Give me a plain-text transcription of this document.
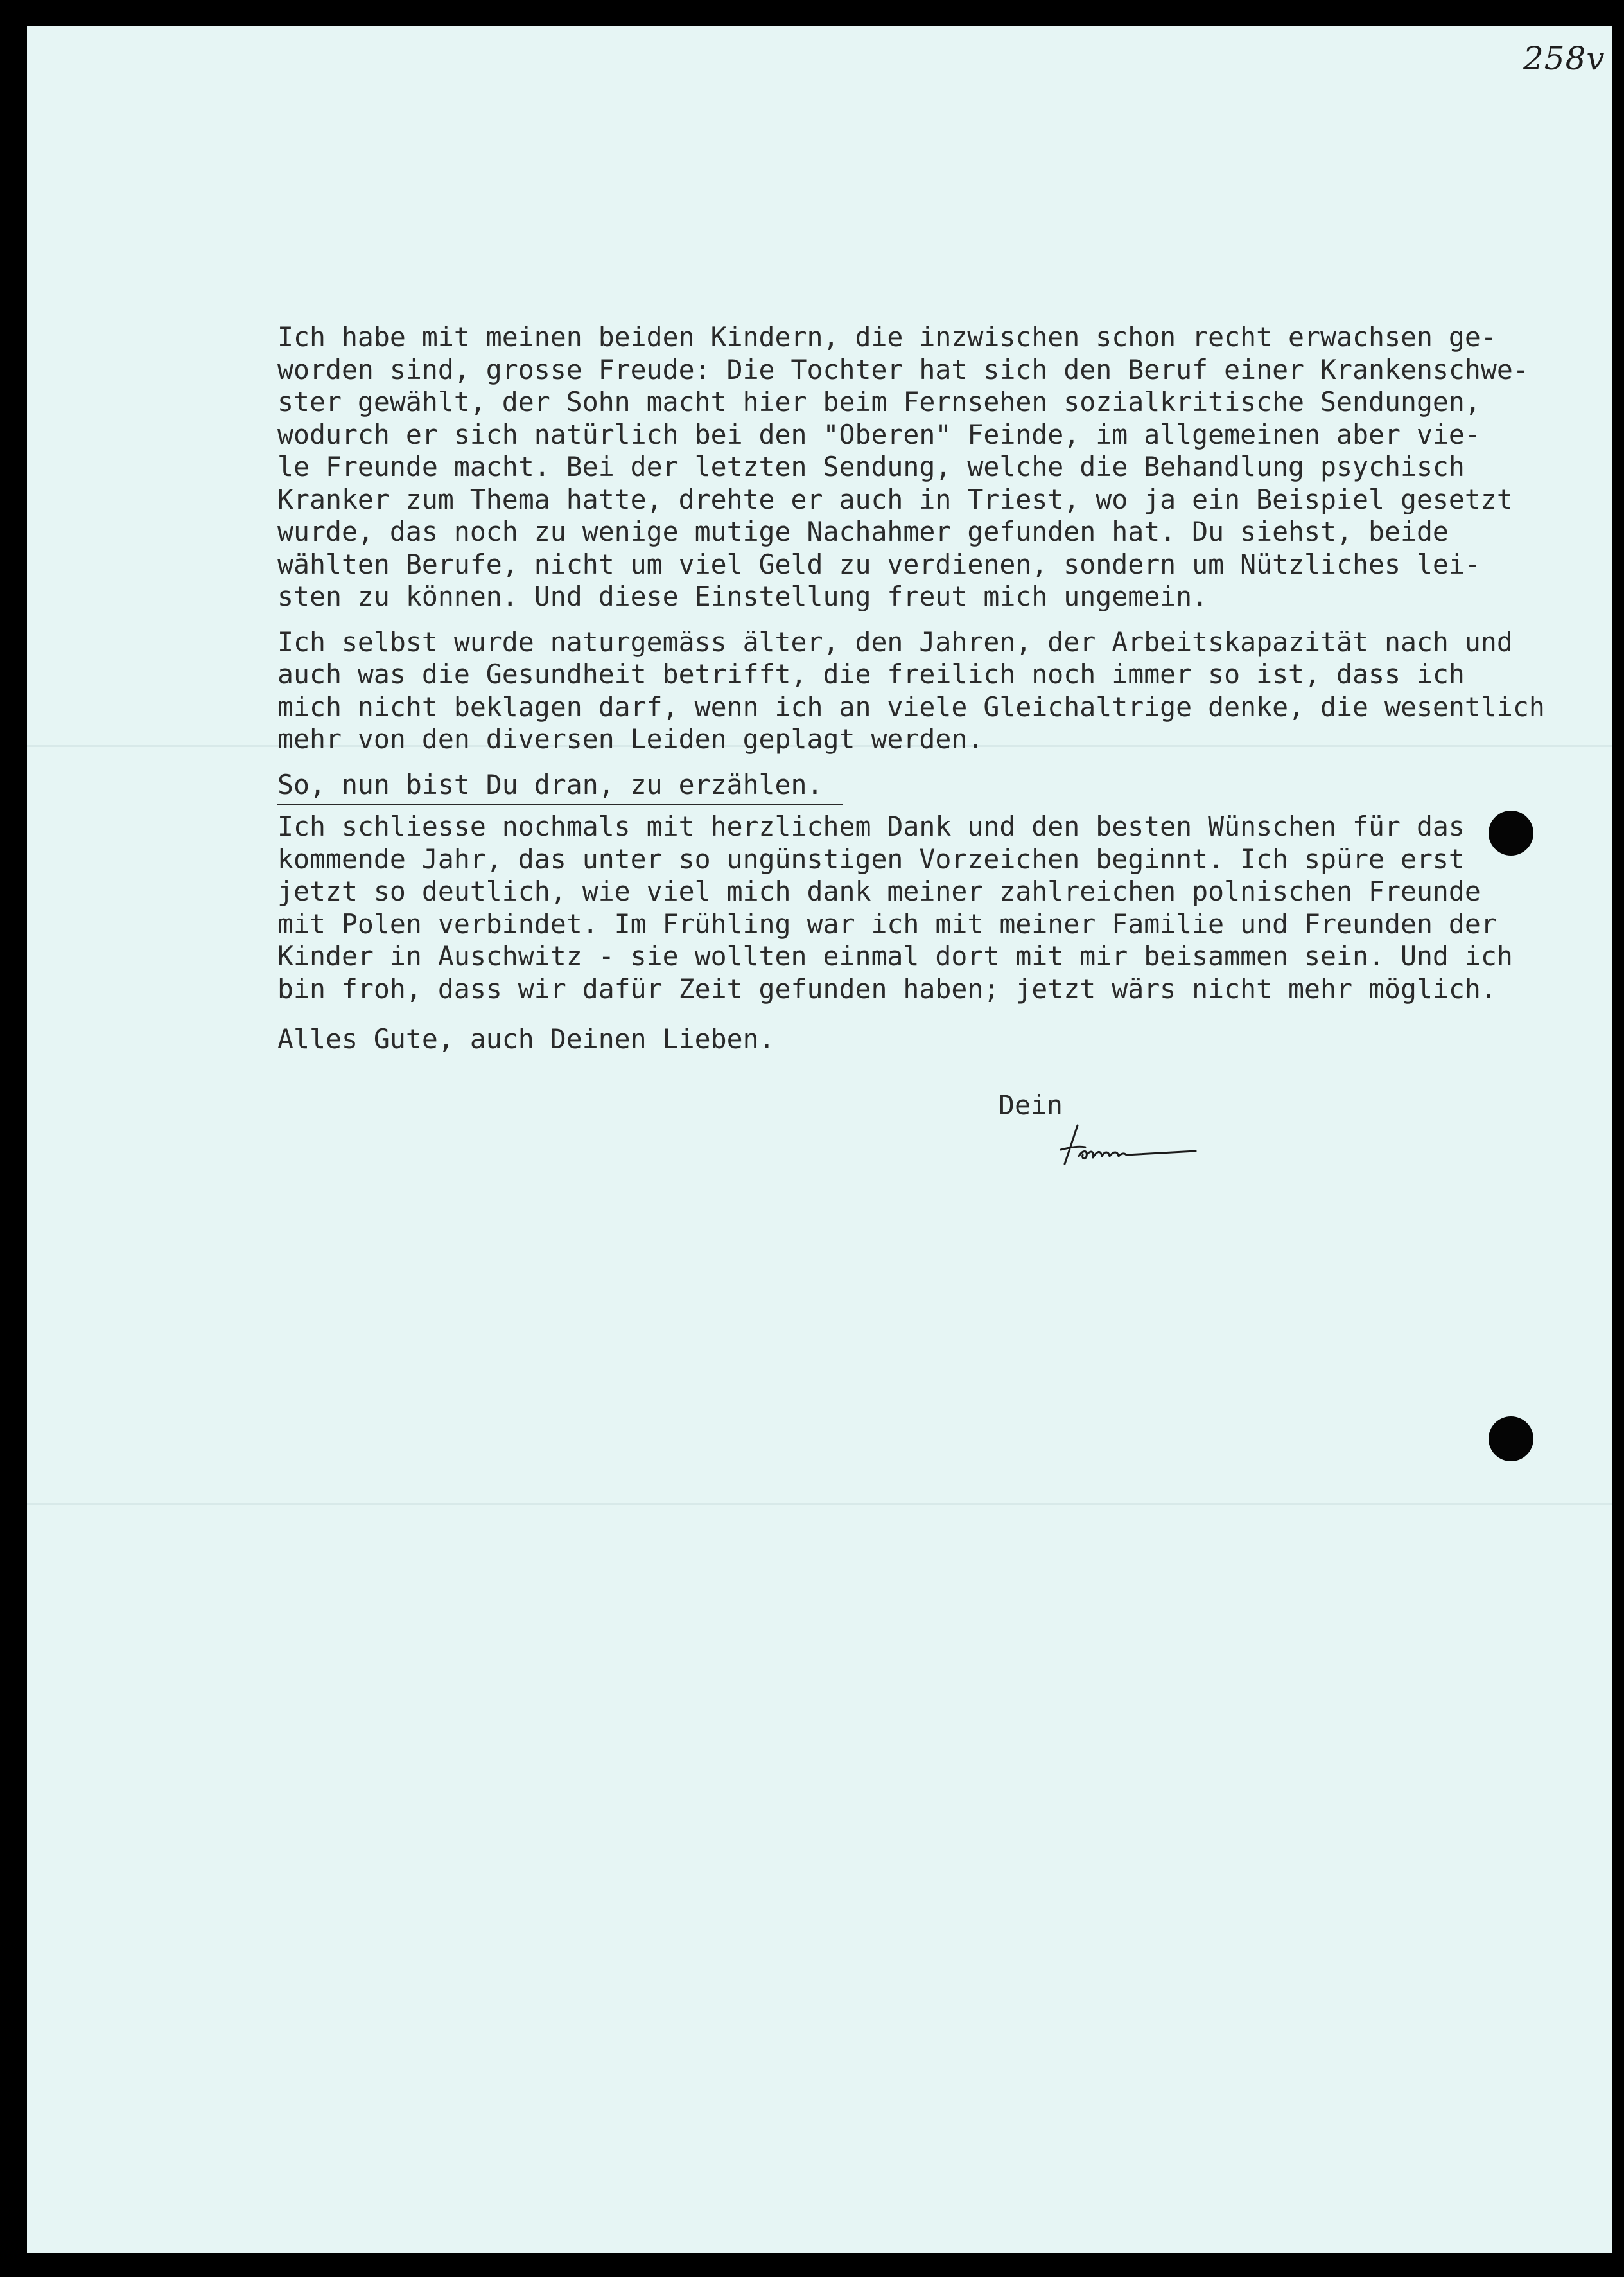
258v

Ich habe mit meinen beiden Kindern, die inzwischen schon recht erwachsen ge-
worden sind, grosse Freude: Die Tochter hat sich den Beruf einer Krankenschwe-
ster gewählt, der Sohn macht hier beim Fernsehen sozialkritische Sendungen,
wodurch er sich natürlich bei den "Oberen" Feinde, im allgemeinen aber vie-
le Freunde macht. Bei der letzten Sendung, welche die Behandlung psychisch
Kranker zum Thema hatte, drehte er auch in Triest, wo ja ein Beispiel gesetzt
wurde, das noch zu wenige mutige Nachahmer gefunden hat. Du siehst, beide
wählten Berufe, nicht um viel Geld zu verdienen, sondern um Nützliches lei-
sten zu können. Und diese Einstellung freut mich ungemein.

Ich selbst wurde naturgemäss älter, den Jahren, der Arbeitskapazität nach und
auch was die Gesundheit betrifft, die freilich noch immer so ist, dass ich
mich nicht beklagen darf, wenn ich an viele Gleichaltrige denke, die wesentlich
mehr von den diversen Leiden geplagt werden.

So, nun bist Du dran, zu erzählen.

Ich schliesse nochmals mit herzlichem Dank und den besten Wünschen für das
kommende Jahr, das unter so ungünstigen Vorzeichen beginnt. Ich spüre erst
jetzt so deutlich, wie viel mich dank meiner zahlreichen polnischen Freunde
mit Polen verbindet. Im Frühling war ich mit meiner Familie und Freunden der
Kinder in Auschwitz - sie wollten einmal dort mit mir beisammen sein. Und ich
bin froh, dass wir dafür Zeit gefunden haben; jetzt wärs nicht mehr möglich.

Alles Gute, auch Deinen Lieben.

Dein
